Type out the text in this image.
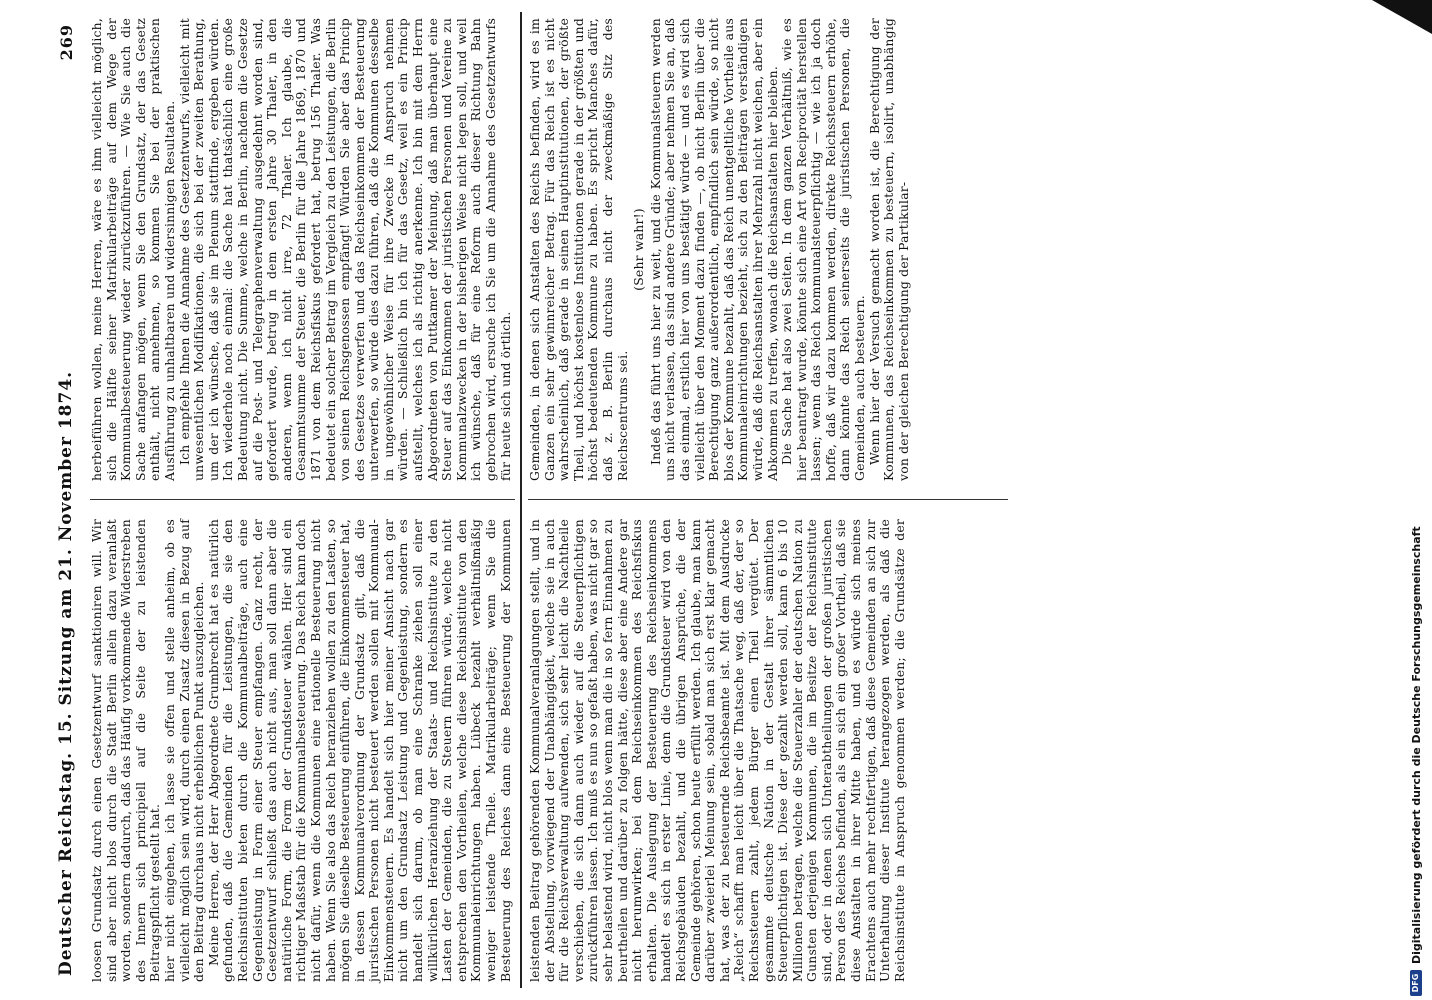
Deutscher Reichstag. 15. Sitzung am 21. November 1874.
269

loosen Grundsatz durch einen Gesetzentwurf sanktioniren will. Wir sind aber nicht blos durch die Stadt Berlin allein dazu veranlaßt worden, sondern dadurch, daß das Häufig vorkommende Widerstreben des Innern sich principiell auf die Seite der zu leistenden Beitragspflicht gestellt hat. hier nicht eingehen, ich lasse sie offen und stelle anheim, ob es vielleicht möglich sein wird, durch einen Zusatz diesen in Bezug auf den Beitrag durchaus nicht erheblichen Punkt auszugleichen. Meine Herren, der Herr Abgeordnete Grumbrecht hat es natürlich gefunden, daß die Gemeinden für die Leistungen, die sie den Reichsinstituten bieten durch die Kommunalbeiträge, auch eine Gegenleistung in Form einer Steuer empfangen. Ganz recht, der Gesetzentwurf schließt das auch nicht aus, man soll dann aber die natürliche Form, die Form der Grundsteuer wählen. Hier sind ein richtiger Maßstab für die Kommunalbesteuerung. Das Reich kann doch nicht dafür, wenn die Kommunen eine rationelle Besteuerung nicht haben. Wenn Sie also das Reich heranziehen wollen zu den Lasten, so mögen Sie dieselbe Besteuerung einführen, die Einkommensteuer hat, in dessen Kommunalverordnung der Grundsatz gilt, daß die juristischen Personen nicht besteuert werden sollen mit Kommunal-Einkommensteuern. Es handelt sich hier meiner Ansicht nach gar nicht um den Grundsatz Leistung und Gegenleistung, sondern es handelt sich darum, ob man eine Schranke ziehen soll einer willkürlichen Heranziehung der Staats- und Reichsinstitute zu den Lasten der Gemeinden, die zu Steuern führen würde, welche nicht entsprechen den Vortheilen, welche diese Reichsinstitute von den Kommunaleinrichtungen haben. Lübeck bezahlt verhältnißmäßig weniger leistende Theile. Matrikularbeiträge; wenn Sie die Besteuerung des Reiches dann eine Besteuerung der Kommunen herbeiführen wollen, meine Herren, wäre es ihm vielleicht möglich, sich die Hälfte seiner Matrikularbeiträge auf dem Wege der Kommunalbesteuerung wieder zurückzuführen. — Wie Sie auch die Sache anfangen mögen, wenn Sie den Grundsatz, der das Gesetz enthält, nicht annehmen, so kommen Sie bei der praktischen Ausführung zu unhaltbaren und widersinnigen Resultaten. Ich empfehle Ihnen die Annahme des Gesetzentwurfs, vielleicht mit unwesentlichen Modifikationen, die sich bei der zweiten Berathung, um der ich wünsche, daß sie im Plenum stattfinde, ergeben würden. Ich wiederhole noch einmal: die Sache hat thatsächlich eine große Bedeutung nicht. Die Summe, welche in Berlin, nachdem die Gesetze auf die Post- und Telegraphenverwaltung ausgedehnt worden sind, gefordert wurde, betrug in dem ersten Jahre 30 Thaler, in den anderen, wenn ich nicht irre, 72 Thaler. Ich glaube, die Gesammtsumme der Steuer, die Berlin für die Jahre 1869, 1870 und 1871 von dem Reichsfiskus gefordert hat, betrug 156 Thaler. Was bedeutet ein solcher Betrag im Vergleich zu den Leistungen, die Berlin von seinen Reichsgenossen empfängt! Würden Sie aber das Princip des Gesetzes verwerfen und das Reichseinkommen der Besteuerung unterwerfen, so würde dies dazu führen, daß die Kommunen desselbe in ungewöhnlicher Weise für ihre Zwecke in Anspruch nehmen würden. — Schließlich bin ich für das Gesetz, weil es ein Princip aufstellt, welches ich als richtig anerkenne. Ich bin mit dem Herrn Abgeordneten von Puttkamer der Meinung, daß man überhaupt eine Steuer auf das Einkommen der juristischen Personen und Vereine zu Kommunalzwecken in der bisherigen Weise nicht legen soll, und weil ich wünsche, daß für eine Reform auch dieser Richtung Bahn gebrochen wird, ersuche ich Sie um die Annahme des Gesetzentwurfs für heute sich und örtlich.

leistenden Beitrag gehörenden Kommunalveranlagungen stellt, und in der Abstellung, vorwiegend der Unabhängigkeit, welche sie in auch für die Reichsverwaltung aufwenden, sich sehr leicht die Nachtheile verschieben, die sich dann auch wieder auf die Steuerpflichtigen zurückführen lassen. Ich muß es nun so gefaßt haben, was nicht gar so sehr belastend wird, nicht blos wenn man die in so fern Einnahmen zu beurtheilen und darüber zu folgen hätte, diese aber eine Andere gar nicht herumwirken; bei dem Reichseinkommen des Reichsfiskus erhalten. Die Auslegung der Besteuerung des Reichseinkommens handelt es sich in erster Linie, denn die Grundsteuer wird von den Reichsgebäuden bezahlt, und die übrigen Ansprüche, die der Gemeinde gehören, schon heute erfüllt werden. Ich glaube, man kann darüber zweierlei Meinung sein, sobald man sich erst klar gemacht hat, was der zu besteuernde Reichsbeamte ist. Mit dem Ausdrucke „Reich“ schafft man leicht über die Thatsache weg, daß der, der so Reichssteuern zahlt, jedem Bürger einen Theil vergütet. Der gesammte deutsche Nation in der Gestalt ihrer sämmtlichen Steuerpflichtigen ist. Diese der gezahlt werden soll, kann 6 bis 10 Millionen betragen, welche die Steuerzahler der deutschen Nation zu Gunsten derjenigen Kommunen, die im Besitze der Reichsinstitute sind, oder in denen sich Unterabtheilungen der großen juristischen Person des Reiches befinden, als ein sich ein großer Vortheil, daß sie diese Anstalten in ihrer Mitte haben, und es würde sich meines Erachtens auch mehr rechtfertigen, daß diese Gemeinden an sich zur Unterhaltung dieser Institute herangezogen werden, als daß die Reichsinstitute in Anspruch genommen werden; die Grundsätze der Gemeinden, in denen sich Anstalten des Reichs befinden, wird es im Ganzen ein sehr gewinnreicher Betrag. Für das Reich ist es nicht wahrscheinlich, daß gerade in seinen Hauptinstitutionen, der größte Theil, und höchst kostenlose Institutionen gerade in der größten und höchst bedeutenden Kommune zu haben. Es spricht Manches dafür, daß z. B. Berlin durchaus nicht der zweckmäßige Sitz des Reichscentrums sei.

(Sehr wahr!) Indeß das führt uns hier zu weit, und die Kommunalsteuern werden uns nicht verlassen, das sind andere Gründe; aber nehmen Sie an, daß das einmal, erstlich hier von uns bestätigt würde — und es wird sich vielleicht über den Moment dazu finden —, ob nicht Berlin über die Berechtigung ganz außerordentlich, empfindlich sein würde, so nicht blos der Kommune bezahlt, daß das Reich unentgeltliche Vortheile aus Kommunaleinrichtungen bezieht, sich zu den Beiträgen verständigen würde, daß die Reichsanstalten ihrer Mehrzahl nicht weichen, aber ein Abkommen zu treffen, wonach die Reichsanstalten hier bleiben. Die Sache hat also zwei Seiten. In dem ganzen Verhältniß, wie es hier beantragt wurde, könnte sich eine Art von Reciprocität herstellen lassen; wenn das Reich kommunalsteuerpflichtig — wie ich ja doch hoffe, daß wir dazu kommen werden, direkte Reichssteuern erhöhe, dann könnte das Reich seinerseits die juristischen Personen, die Gemeinden, auch besteuern. Wenn hier der Versuch gemacht worden ist, die Berechtigung der Kommunen, das Reichseinkommen zu besteuern, isolirt, unabhängig von der gleichen Berechtigung der Partikular-

DFG
Digitalisierung gefördert durch die Deutsche Forschungsgemeinschaft
